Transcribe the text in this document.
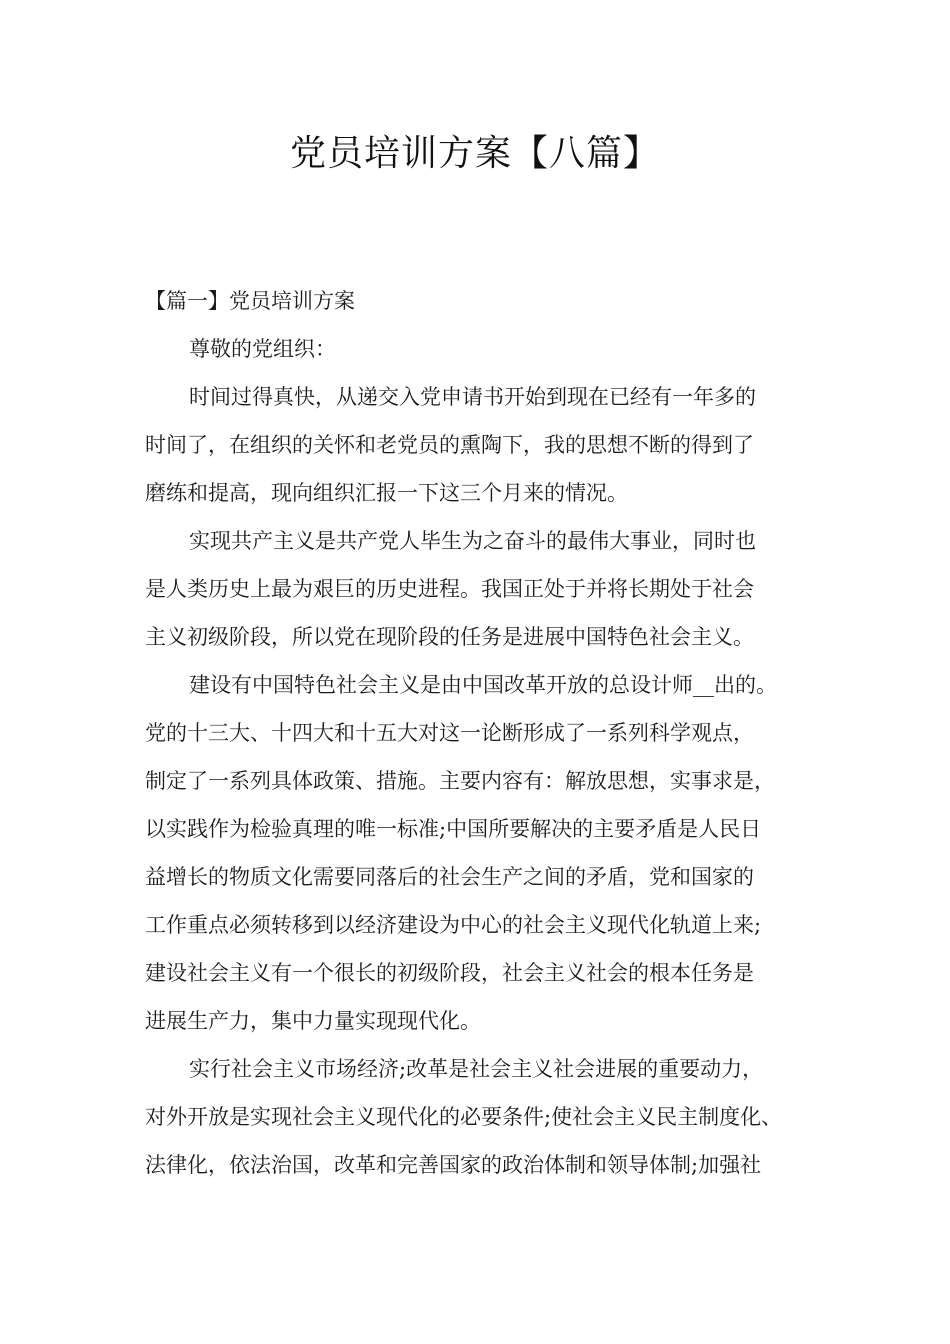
党员培训方案【八篇】

【篇一】党员培训方案

尊敬的党组织：

时间过得真快，从递交入党申请书开始到现在已经有一年多的
时间了，在组织的关怀和老党员的熏陶下，我的思想不断的得到了
磨练和提高，现向组织汇报一下这三个月来的情况。
实现共产主义是共产党人毕生为之奋斗的最伟大事业，同时也
是人类历史上最为艰巨的历史进程。我国正处于并将长期处于社会
主义初级阶段，所以党在现阶段的任务是进展中国特色社会主义。
建设有中国特色社会主义是由中国改革开放的总设计师__出的。
党的十三大、十四大和十五大对这一论断形成了一系列科学观点，
制定了一系列具体政策、措施。主要内容有：解放思想，实事求是，
以实践作为检验真理的唯一标准;中国所要解决的主要矛盾是人民日
益增长的物质文化需要同落后的社会生产之间的矛盾，党和国家的
工作重点必须转移到以经济建设为中心的社会主义现代化轨道上来;
建设社会主义有一个很长的初级阶段，社会主义社会的根本任务是
进展生产力，集中力量实现现代化。
实行社会主义市场经济;改革是社会主义社会进展的重要动力，
对外开放是实现社会主义现代化的必要条件;使社会主义民主制度化、
法律化，依法治国，改革和完善国家的政治体制和领导体制;加强社
